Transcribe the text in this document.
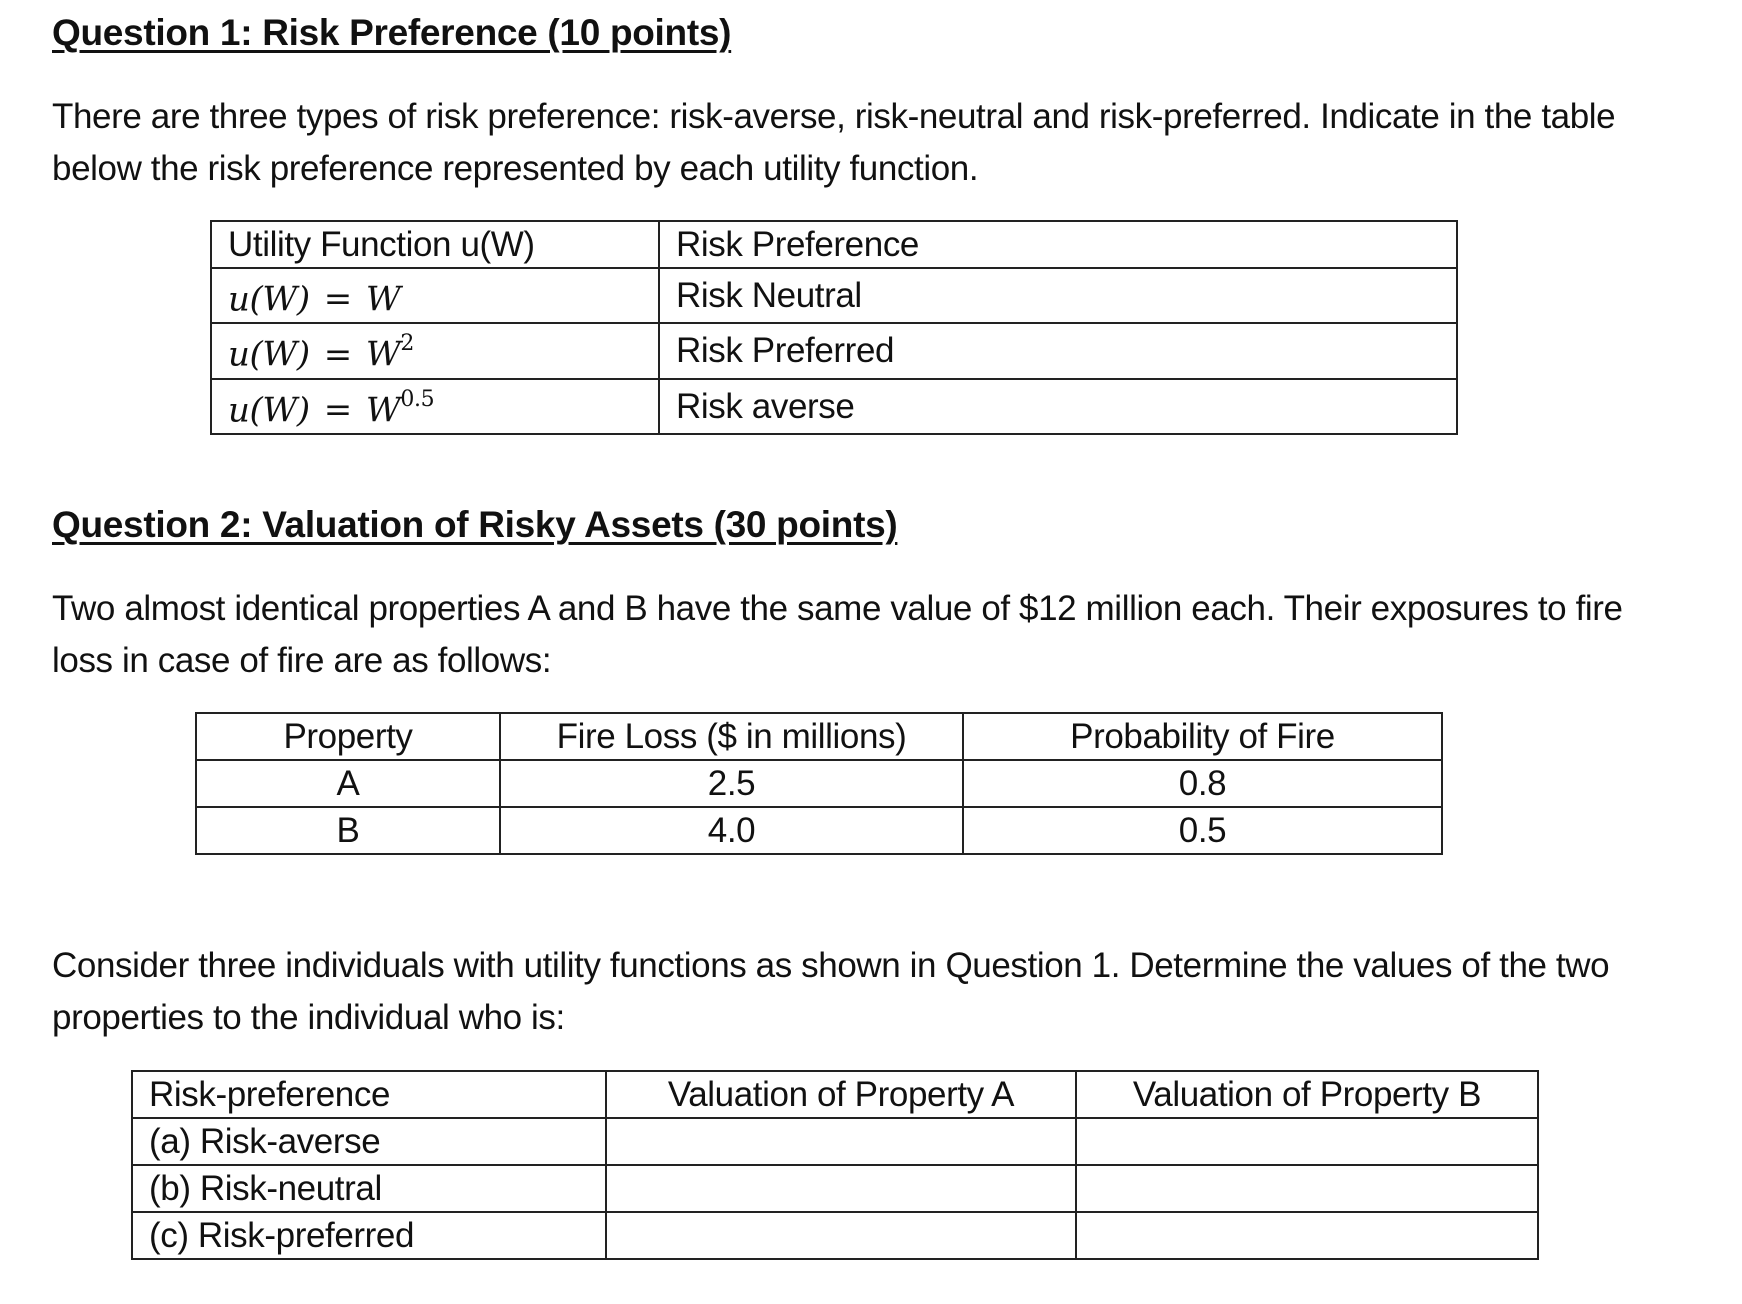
Question 1: Risk Preference (10 points)

There are three types of risk preference: risk-averse, risk-neutral and risk-preferred. Indicate in the table below the risk preference represented by each utility function.

Utility Function u(W)	Risk Preference
u(W) = W	Risk Neutral
$u(W) = W^2$	Risk Preferred
$u(W) = W^{0.5}$	Risk averse
Question 2: Valuation of Risky Assets (30 points)

Two almost identical properties A and B have the same value of $12 million each. Their exposures to fire loss in case of fire are as follows:

Property	Fire Loss ($ in millions)	Probability of Fire
A	2.5	0.8
B	4.0	0.5

Consider three individuals with utility functions as shown in Question 1. Determine the values of the two properties to the individual who is:

Risk-preference	Valuation of Property A	Valuation of Property B
(a) Risk-averse		
(b) Risk-neutral		
(c) Risk-preferred		
